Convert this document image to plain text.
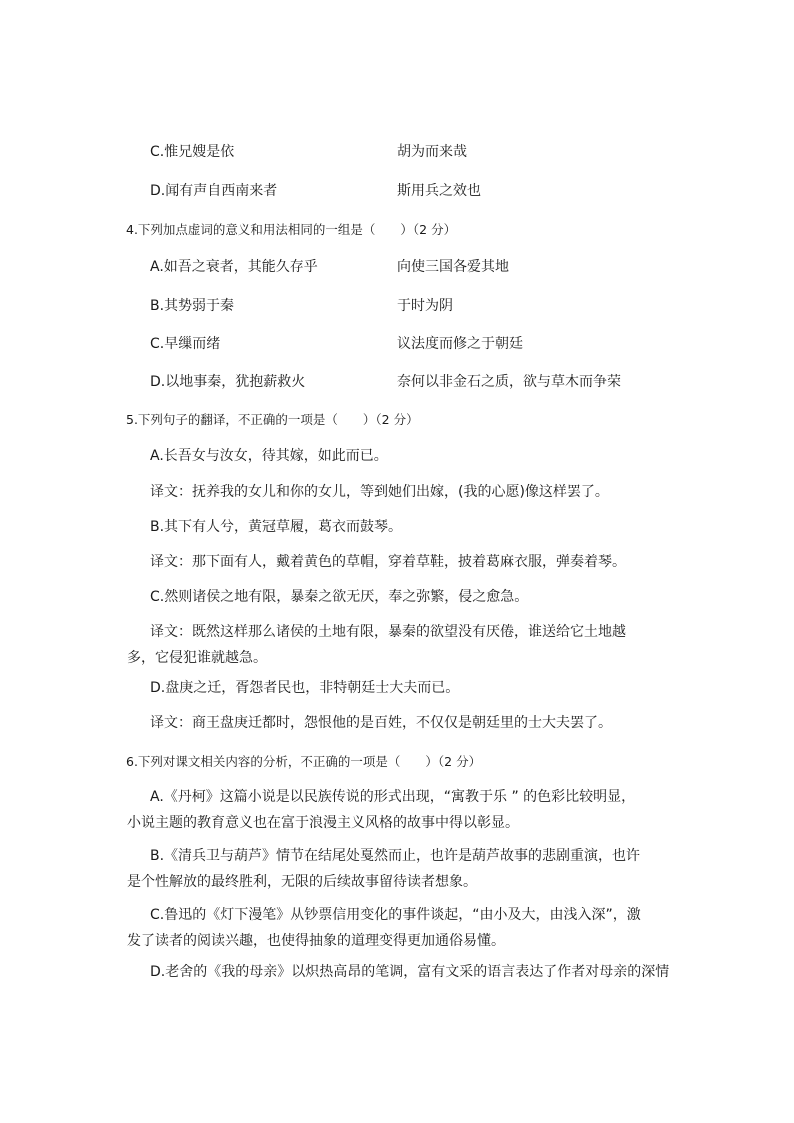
C.惟兄嫂是依	胡为而来哉
D.闻有声自西南来者	斯用兵之效也
4.下列加点虚词的意义和用法相同的一组是（　　）（2 分）
A.如吾之衰者，其能久存乎	向使三国各爱其地
B.其势弱于秦	于时为阴
C.早缫而绪	议法度而修之于朝廷
D.以地事秦，犹抱薪救火	奈何以非金石之质，欲与草木而争荣
5.下列句子的翻译，不正确的一项是（　　）（2 分）
A.长吾女与汝女，待其嫁，如此而已。
译文：抚养我的女儿和你的女儿，等到她们出嫁，(我的心愿)像这样罢了。
B.其下有人兮，黄冠草履，葛衣而鼓琴。
译文：那下面有人，戴着黄色的草帽，穿着草鞋，披着葛麻衣服，弹奏着琴。
C.然则诸侯之地有限，暴秦之欲无厌，奉之弥繁，侵之愈急。
译文：既然这样那么诸侯的土地有限，暴秦的欲望没有厌倦，谁送给它土地越多，它侵犯谁就越急。
D.盘庚之迁，胥怨者民也，非特朝廷士大夫而已。
译文：商王盘庚迁都时，怨恨他的是百姓，不仅仅是朝廷里的士大夫罢了。
6.下列对课文相关内容的分析，不正确的一项是（　　）（2 分）
A.《丹柯》这篇小说是以民族传说的形式出现，“寓教于乐 ” 的色彩比较明显，小说主题的教育意义也在富于浪漫主义风格的故事中得以彰显。
B.《清兵卫与葫芦》情节在结尾处戛然而止，也许是葫芦故事的悲剧重演，也许是个性解放的最终胜利，无限的后续故事留待读者想象。
C.鲁迅的《灯下漫笔》从钞票信用变化的事件谈起，“由小及大，由浅入深”，激发了读者的阅读兴趣，也使得抽象的道理变得更加通俗易懂。
D.老舍的《我的母亲》以炽热高昂的笔调，富有文采的语言表达了作者对母亲的深情
